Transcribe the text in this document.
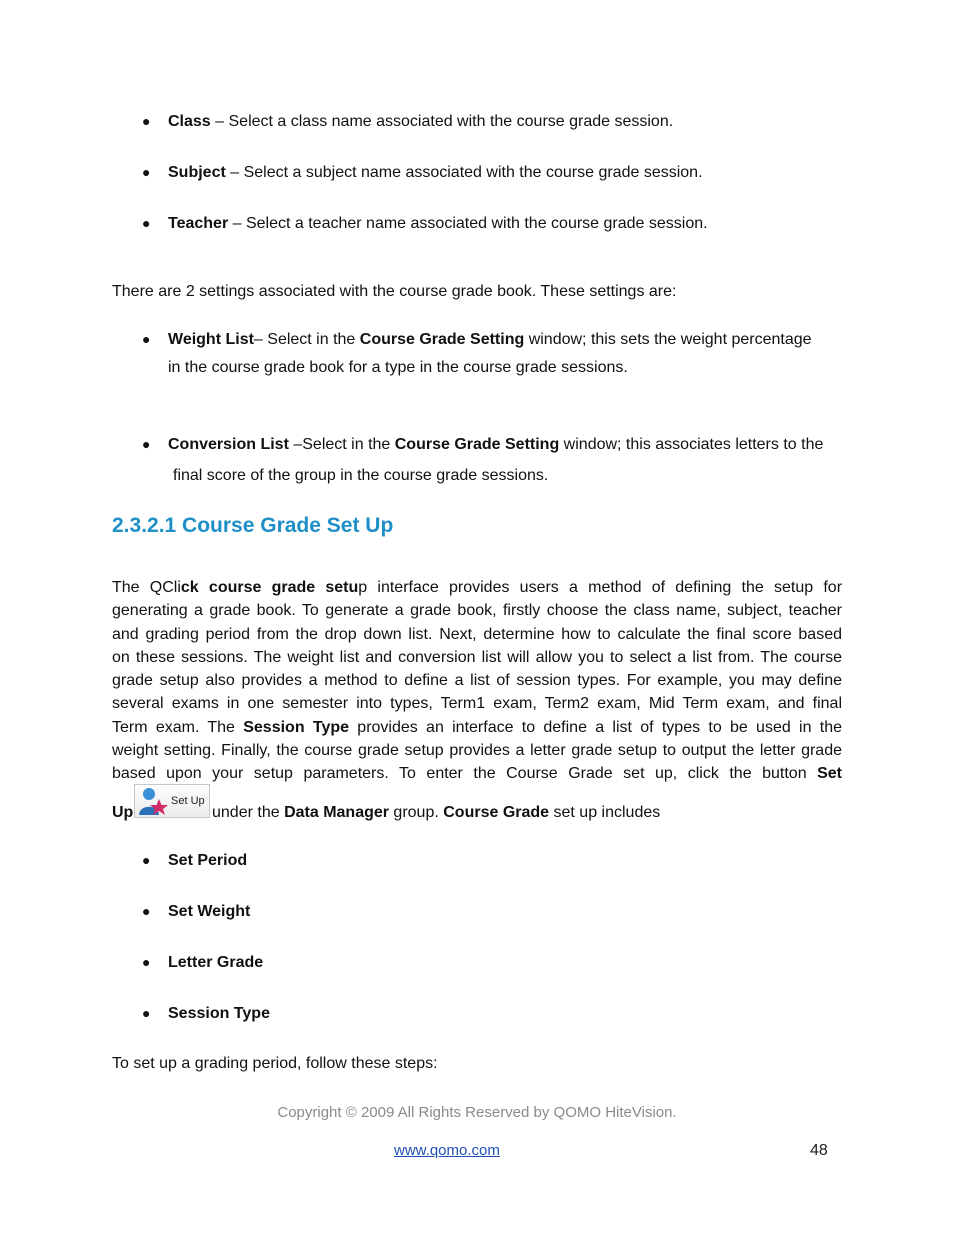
●	Class – Select a class name associated with the course grade session.
●	Subject – Select a subject name associated with the course grade session.
●	Teacher – Select a teacher name associated with the course grade session.
There are 2 settings associated with the course grade book. These settings are:
●	Weight List– Select in the Course Grade Setting window; this sets the weight percentage
in the course grade book for a type in the course grade sessions.
●	Conversion List –Select in the Course Grade Setting window; this associates letters to the
final score of the group in the course grade sessions.
2.3.2.1 Course Grade Set Up
The QClick course grade setup interface provides users a method of defining the setup for
generating a grade book. To generate a grade book, firstly choose the class name, subject, teacher
and grading period from the drop down list. Next, determine how to calculate the final score based
on these sessions. The weight list and conversion list will allow you to select a list from. The course
grade setup also provides a method to define a list of session types. For example, you may define
several exams in one semester into types, Term1 exam, Term2 exam, Mid Term exam, and final
Term exam. The Session Type provides an interface to define a list of types to be used in the
weight setting. Finally, the course grade setup provides a letter grade setup to output the letter grade
based upon your setup parameters. To enter the Course Grade set up, click the button Set
Up
Set Up
under the Data Manager group. Course Grade set up includes
●	Set Period
●	Set Weight
●	Letter Grade
●	Session Type
To set up a grading period, follow these steps:
Copyright © 2009 All Rights Reserved by QOMO HiteVision.
www.qomo.com	48
